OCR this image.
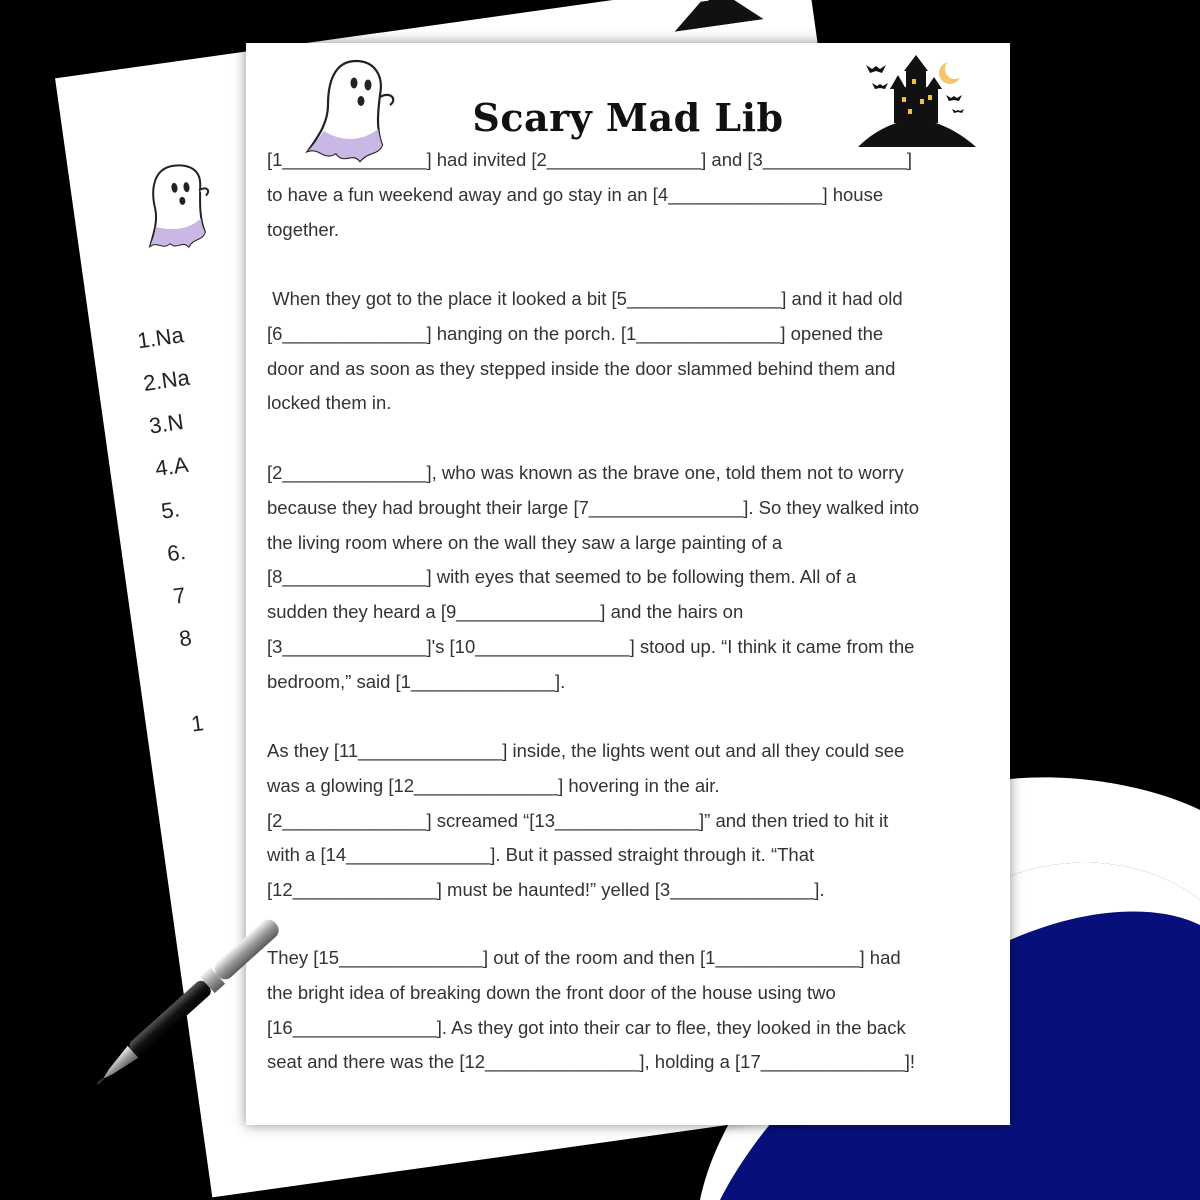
1.Na
2.Na
3.N
4.A
5.
6.
7
8
1
Scary Mad Lib
[1______________] had invited [2_______________] and [3______________]
to have a fun weekend away and go stay in an [4_______________] house
together.
When they got to the place it looked a bit [5_______________] and it had old
[6______________] hanging on the porch. [1______________] opened the
door and as soon as they stepped inside the door slammed behind them and
locked them in.
[2______________], who was known as the brave one, told them not to worry
because they had brought their large [7_______________]. So they walked into
the living room where on the wall they saw a large painting of a
[8______________] with eyes that seemed to be following them. All of a
sudden they heard a [9______________] and the hairs on
[3______________]'s [10_______________] stood up. “I think it came from the
bedroom,” said [1______________].
As they [11______________] inside, the lights went out and all they could see
was a glowing [12______________] hovering in the air.
[2______________] screamed “[13______________]” and then tried to hit it
with a [14______________]. But it passed straight through it. “That
[12______________] must be haunted!” yelled [3______________].
They [15______________] out of the room and then [1______________] had
the bright idea of breaking down the front door of the house using two
[16______________]. As they got into their car to flee, they looked in the back
seat and there was the [12_______________], holding a [17______________]!
